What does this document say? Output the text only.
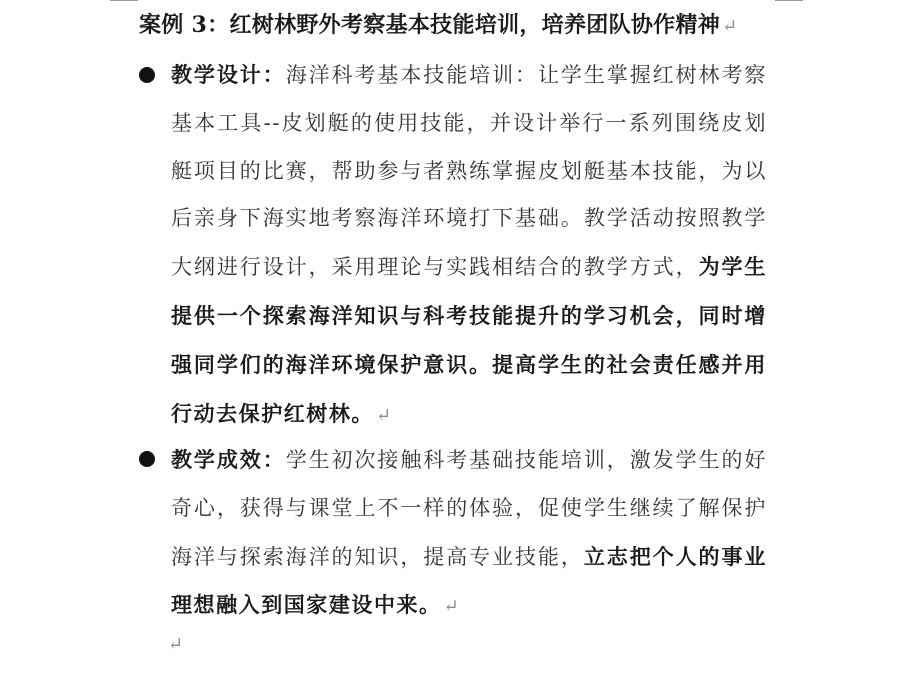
案例 3：红树林野外考察基本技能培训，培养团队协作精神 ↵
教学设计：海洋科考基本技能培训：让学生掌握红树林考察基本工具--皮划艇的使用技能，并设计举行一系列围绕皮划艇项目的比赛，帮助参与者熟练掌握皮划艇基本技能，为以后亲身下海实地考察海洋环境打下基础。教学活动按照教学大纲进行设计，采用理论与实践相结合的教学方式，为学生提供一个探索海洋知识与科考技能提升的学习机会，同时增强同学们的海洋环境保护意识。提高学生的社会责任感并用行动去保护红树林。 ↵
教学成效：学生初次接触科考基础技能培训，激发学生的好奇心，获得与课堂上不一样的体验，促使学生继续了解保护海洋与探索海洋的知识，提高专业技能，立志把个人的事业理想融入到国家建设中来。 ↵
↵
